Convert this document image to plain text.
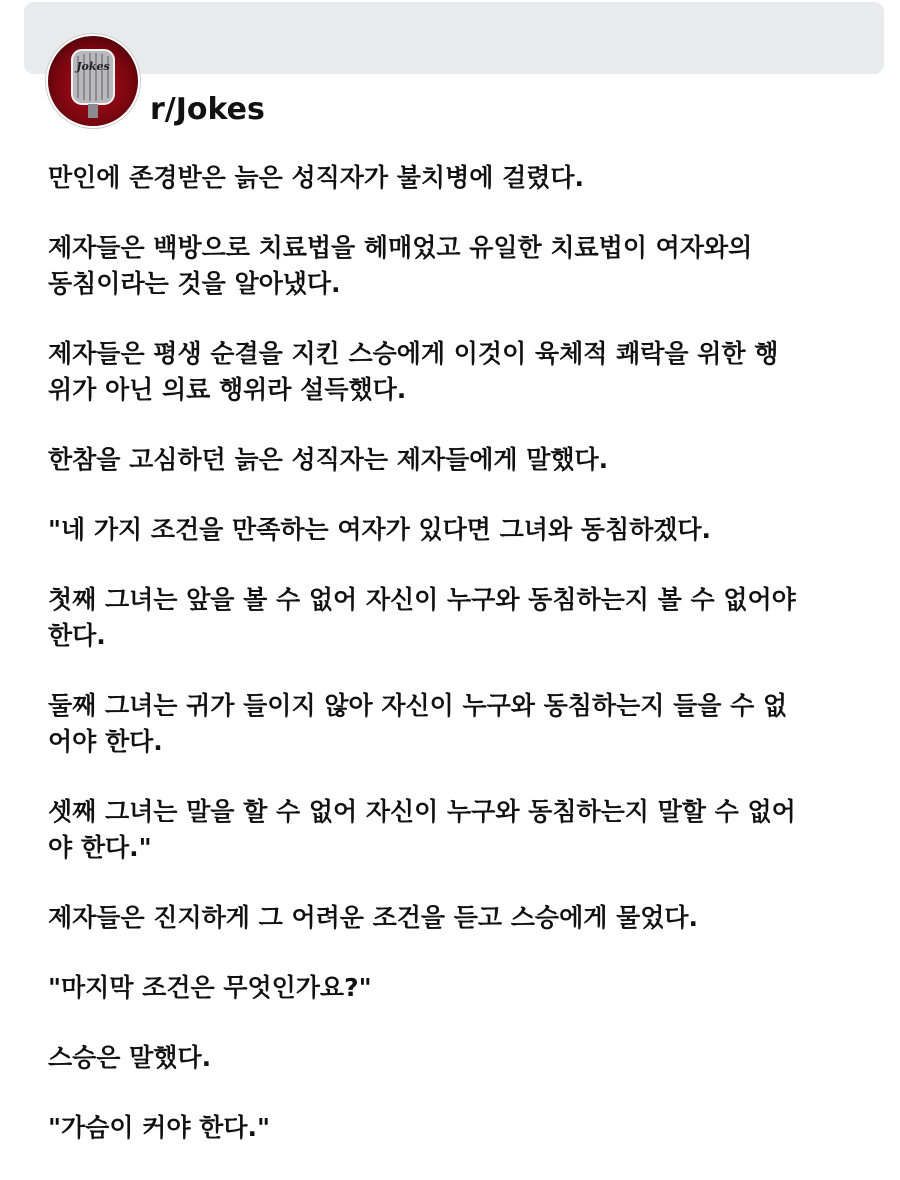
Jokes
r/Jokes

만인에 존경받은 늙은 성직자가 불치병에 걸렸다.

제자들은 백방으로 치료법을 헤매었고 유일한 치료법이 여자와의
동침이라는 것을 알아냈다.

제자들은 평생 순결을 지킨 스승에게 이것이 육체적 쾌락을 위한 행
위가 아닌 의료 행위라 설득했다.

한참을 고심하던 늙은 성직자는 제자들에게 말했다.

"네 가지 조건을 만족하는 여자가 있다면 그녀와 동침하겠다.

첫째 그녀는 앞을 볼 수 없어 자신이 누구와 동침하는지 볼 수 없어야
한다.

둘째 그녀는 귀가 들이지 않아 자신이 누구와 동침하는지 들을 수 없
어야 한다.

셋째 그녀는 말을 할 수 없어 자신이 누구와 동침하는지 말할 수 없어
야 한다."

제자들은 진지하게 그 어려운 조건을 듣고 스승에게 물었다.

"마지막 조건은 무엇인가요?"

스승은 말했다.

"가슴이 커야 한다."
